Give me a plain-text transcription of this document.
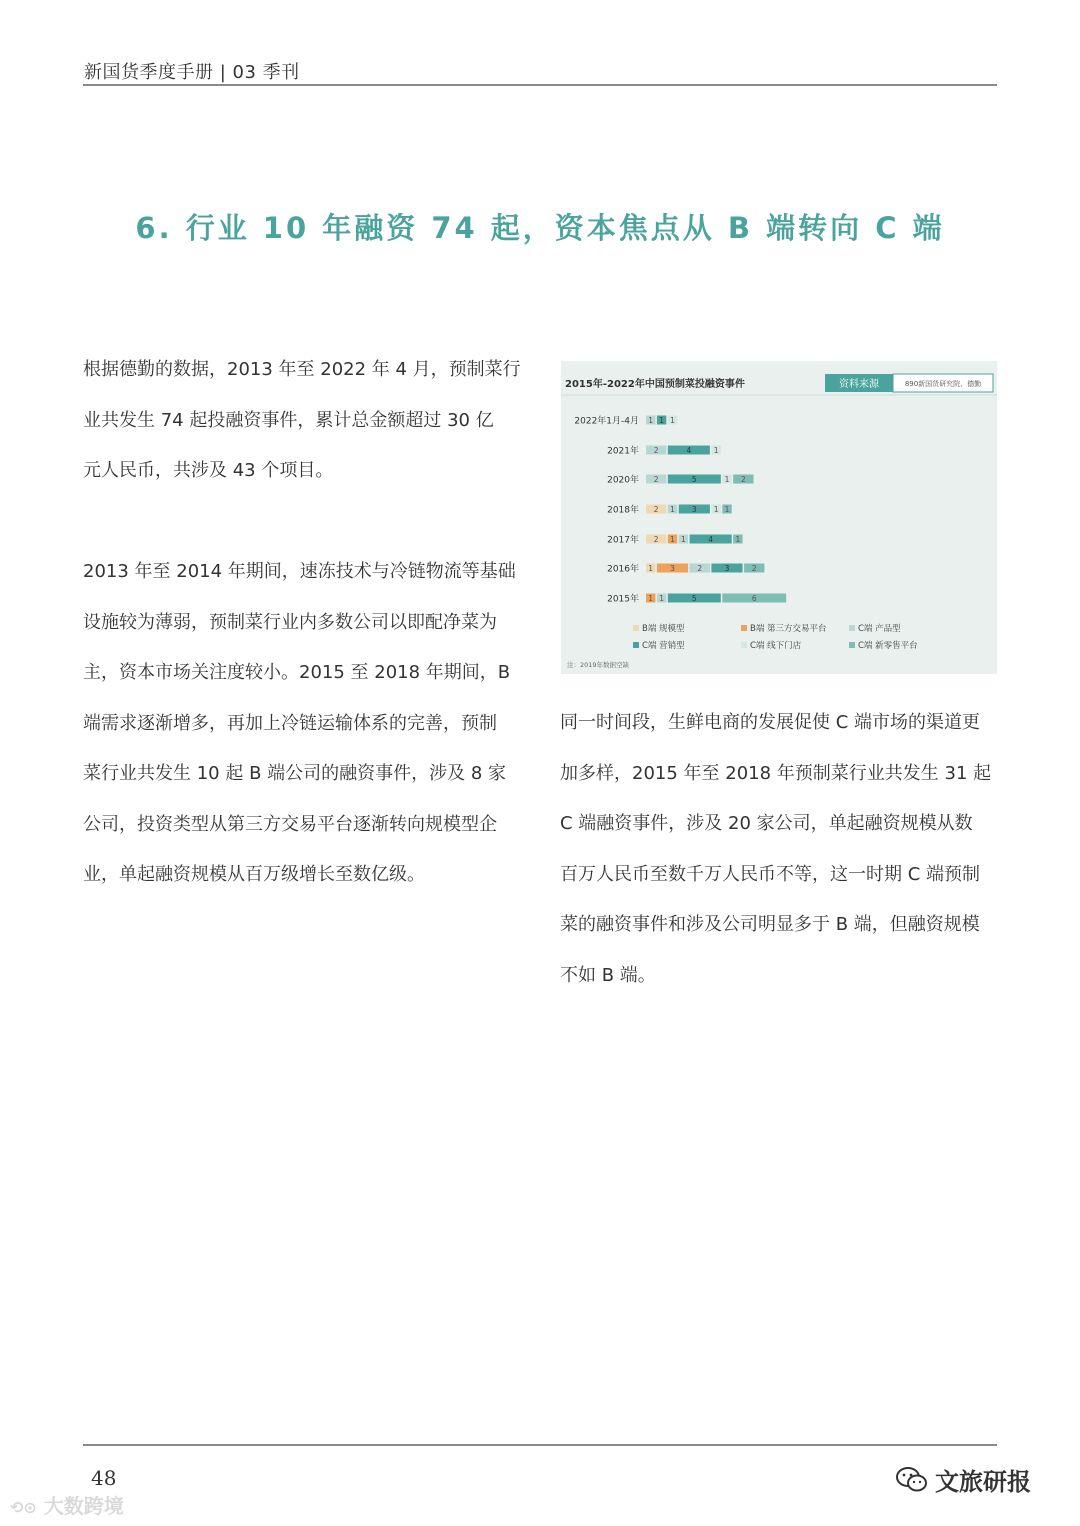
新国货季度手册 | 03 季刊
6. 行业 10 年融资 74 起，资本焦点从 B 端转向 C 端

根据德勤的数据，2013 年至 2022 年 4 月，预制菜行
业共发生 74 起投融资事件，累计总金额超过 30 亿
元人民币，共涉及 43 个项目。

2013 年至 2014 年期间，速冻技术与冷链物流等基础
设施较为薄弱，预制菜行业内多数公司以即配净菜为
主，资本市场关注度较小。2015 至 2018 年期间，B
端需求逐渐增多，再加上冷链运输体系的完善，预制
菜行业共发生 10 起 B 端公司的融资事件，涉及 8 家
公司，投资类型从第三方交易平台逐渐转向规模型企
业，单起融资规模从百万级增长至数亿级。

2015年-2022年中国预制菜投融资事件	资料来源	890新国货研究院、德勤
2022年1月-4月 1 1 1
2021年 2	4	1
2020年 2	5	1 2
2018年 2 1 3 1 1
2017年 2 1 1	4	1
2016年 1 3	2	3	2
2015年 1 1	5	6
B端 规模型	B端 第三方交易平台	C端 产品型
C端 营销型	C端 线下门店	C端 新零售平台
注：2019年数据空缺

同一时间段，生鲜电商的发展促使 C 端市场的渠道更
加多样，2015 年至 2018 年预制菜行业共发生 31 起
C 端融资事件，涉及 20 家公司，单起融资规模从数
百万人民币至数千万人民币不等，这一时期 C 端预制
菜的融资事件和涉及公司明显多于 B 端，但融资规模
不如 B 端。

48	文旅研报
⟲⊙ 大数跨境
